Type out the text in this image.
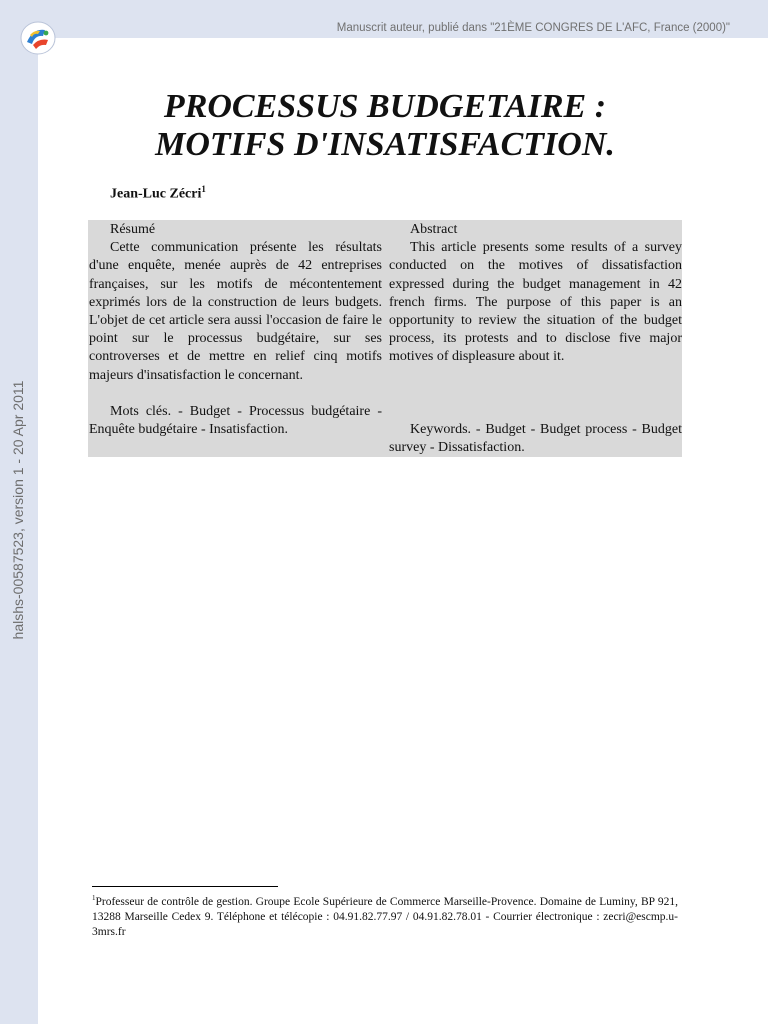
Manuscrit auteur, publié dans "21ÈME CONGRES DE L'AFC, France (2000)"
halshs-00587523, version 1 - 20 Apr 2011
PROCESSUS BUDGETAIRE :
MOTIFS D'INSATISFACTION.
Jean-Luc Zécri$^1$

Résumé

Cette communication présente les résultats d'une enquête, menée auprès de 42 entreprises françaises, sur les motifs de mécontentement exprimés lors de la construction de leurs budgets. L'objet de cet article sera aussi l'occasion de faire le point sur le processus budgétaire, sur ses controverses et de mettre en relief cinq motifs majeurs d'insatisfaction le concernant.

Mots clés. - Budget - Processus budgétaire - Enquête budgétaire - Insatisfaction.

Abstract

This article presents some results of a survey conducted on the motives of dissatisfaction expressed during the budget management in 42 french firms. The purpose of this paper is an opportunity to review the situation of the budget process, its protests and to disclose five major motives of displeasure about it.

Keywords. - Budget - Budget process - Budget survey - Dissatisfaction.

$^1$Professeur de contrôle de gestion. Groupe Ecole Supérieure de Commerce Marseille-Provence. Domaine de Luminy, BP 921, 13288 Marseille Cedex 9. Téléphone et télécopie : 04.91.82.77.97 / 04.91.82.78.01 - Courrier électronique : zecri@escmp.u-3mrs.fr
